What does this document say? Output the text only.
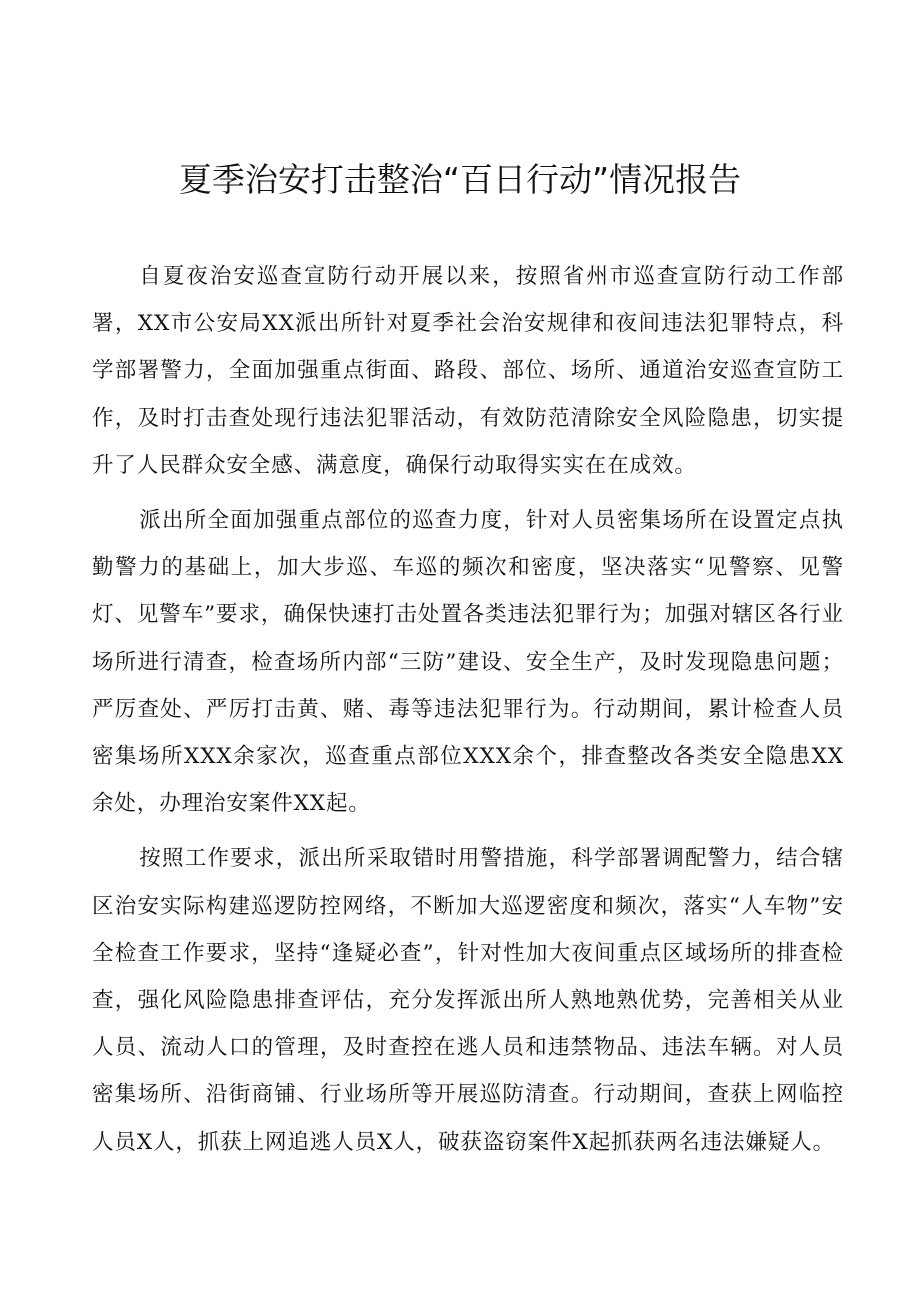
夏季治安打击整治“百日行动”情况报告

自夏夜治安巡查宣防行动开展以来，按照省州市巡查宣防行动工作部署，XX市公安局XX派出所针对夏季社会治安规律和夜间违法犯罪特点，科学部署警力，全面加强重点街面、路段、部位、场所、通道治安巡查宣防工作，及时打击查处现行违法犯罪活动，有效防范清除安全风险隐患，切实提升了人民群众安全感、满意度，确保行动取得实实在在成效。

派出所全面加强重点部位的巡查力度，针对人员密集场所在设置定点执勤警力的基础上，加大步巡、车巡的频次和密度，坚决落实“见警察、见警灯、见警车”要求，确保快速打击处置各类违法犯罪行为；加强对辖区各行业场所进行清查，检查场所内部“三防”建设、安全生产，及时发现隐患问题；严厉查处、严厉打击黄、赌、毒等违法犯罪行为。行动期间，累计检查人员密集场所XXX余家次，巡查重点部位XXX余个，排查整改各类安全隐患XX余处，办理治安案件XX起。

按照工作要求，派出所采取错时用警措施，科学部署调配警力，结合辖区治安实际构建巡逻防控网络，不断加大巡逻密度和频次，落实“人车物”安全检查工作要求，坚持“逢疑必查”，针对性加大夜间重点区域场所的排查检查，强化风险隐患排查评估，充分发挥派出所人熟地熟优势，完善相关从业人员、流动人口的管理，及时查控在逃人员和违禁物品、违法车辆。对人员密集场所、沿街商铺、行业场所等开展巡防清查。行动期间，查获上网临控人员X人，抓获上网追逃人员X人，破获盗窃案件X起抓获两名违法嫌疑人。
